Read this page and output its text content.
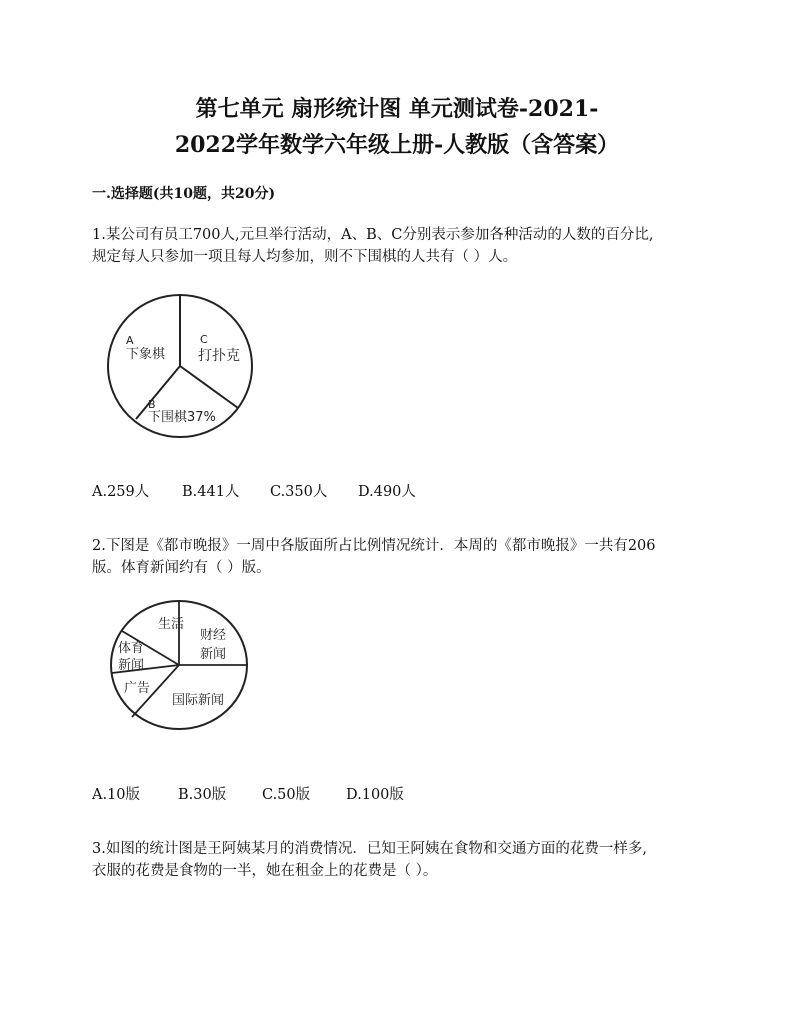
第七单元 扇形统计图 单元测试卷-2021-
2022学年数学六年级上册-人教版（含答案）
一.选择题(共10题，共20分)
1.某公司有员工700人,元旦举行活动，A、B、C分别表示参加各种活动的人数的百分比,
规定每人只参加一项且每人均参加，则不下围棋的人共有（ ）人。
A
下象棋
C
打扑克
B
下围棋37%
A.259人	B.441人	C.350人	D.490人
2.下图是《都市晚报》一周中各版面所占比例情况统计．本周的《都市晚报》一共有206
版。体育新闻约有（ ）版。
生活
财经
新闻
国际新闻
广告
体育
新闻
A.10版	B.30版	C.50版	D.100版
3.如图的统计图是王阿姨某月的消费情况．已知王阿姨在食物和交通方面的花费一样多,
衣服的花费是食物的一半，她在租金上的花费是（ ）。
